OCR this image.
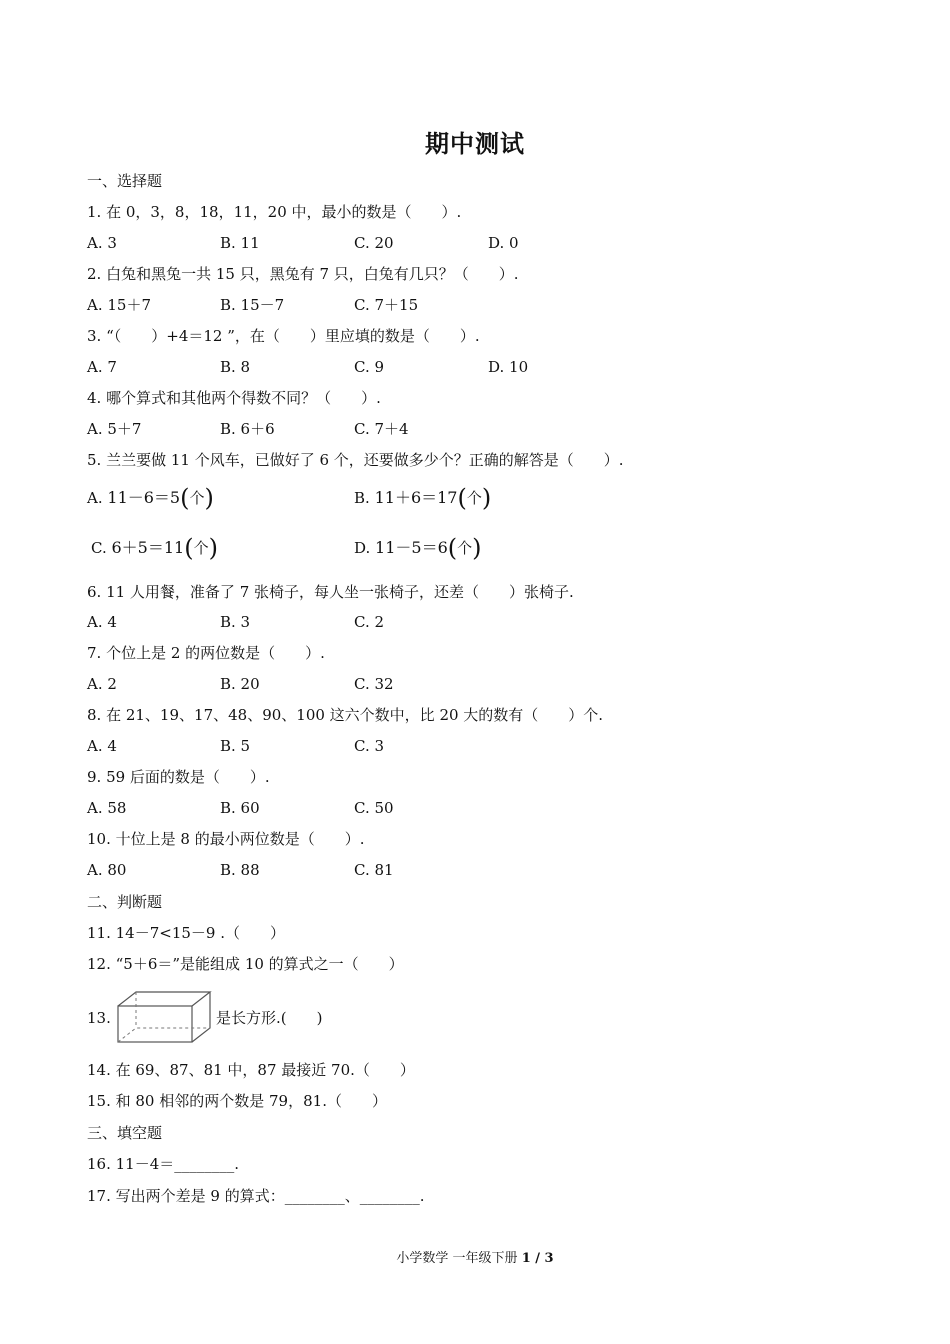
期中测试
一、选择题
1. 在 0，3，8，18，11，20 中，最小的数是（　　）.
A. 3	B. 11	C. 20	D. 0
2. 白兔和黑兔一共 15 只，黑兔有 7 只，白兔有几只？（　　）.
A. 15＋7	B. 15－7	C. 7＋15
3. “（　　）+4＝12 ”，在（　　）里应填的数是（　　）.
A. 7	B. 8	C. 9	D. 10
4. 哪个算式和其他两个得数不同？（　　）.
A. 5＋7	B. 6＋6	C. 7＋4
5. 兰兰要做 11 个风车，已做好了 6 个，还要做多少个？正确的解答是（　　）.
A. 11－6＝5(个)	B. 11＋6＝17(个)
C. 6＋5＝11(个)	D. 11－5＝6(个)
6. 11 人用餐，准备了 7 张椅子，每人坐一张椅子，还差（　　）张椅子.
A. 4	B. 3	C. 2
7. 个位上是 2 的两位数是（　　）.
A. 2	B. 20	C. 32
8. 在 21、19、17、48、90、100 这六个数中，比 20 大的数有（　　）个.
A. 4	B. 5	C. 3
9. 59 后面的数是（　　）.
A. 58	B. 60	C. 50
10. 十位上是 8 的最小两位数是（　　）.
A. 80	B. 88	C. 81
二、判断题
11. 14－7<15－9 .（　　）
12. “5＋6＝”是能组成 10 的算式之一（　　）
13.	是长方形.(　　)
14. 在 69、87、81 中，87 最接近 70.（　　）
15. 和 80 相邻的两个数是 79，81.（　　）
三、填空题
16. 11－4＝________.
17. 写出两个差是 9 的算式：________、________.
小学数学 一年级下册 1 / 3
